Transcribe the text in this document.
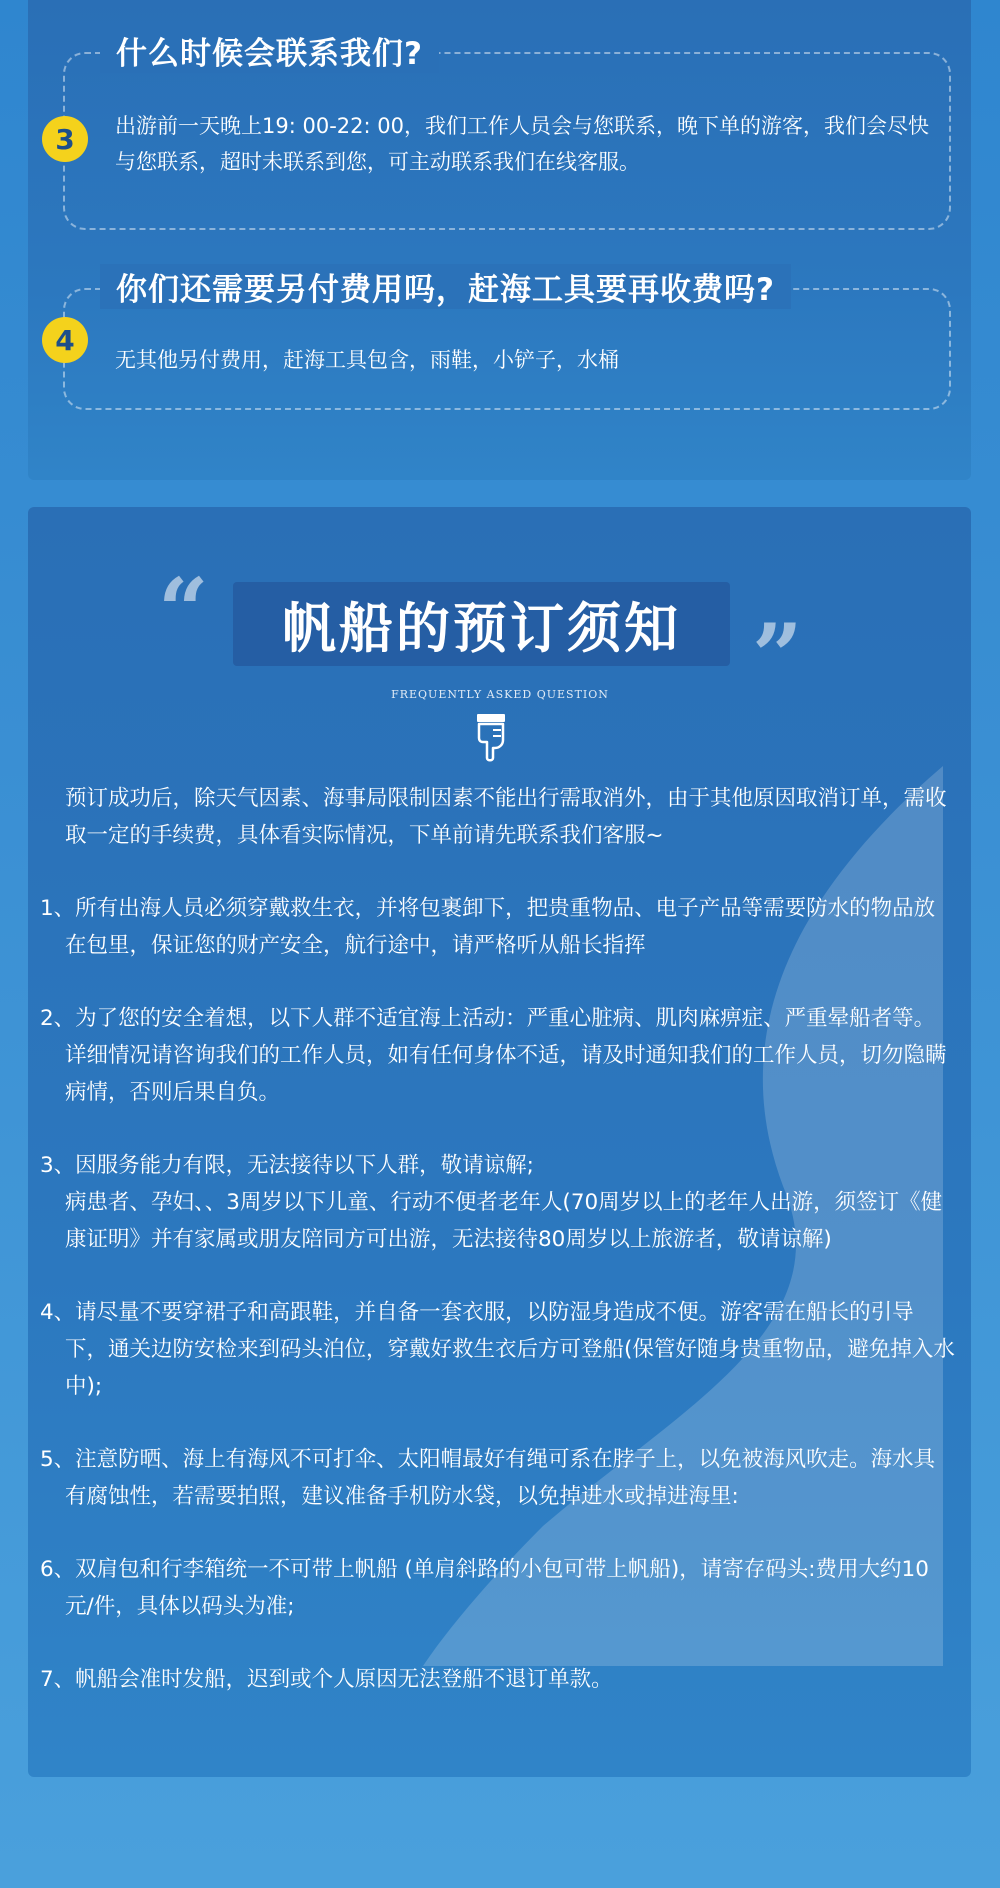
什么时候会联系我们?
3	出游前一天晚上19: 00-22: 00，我们工作人员会与您联系，晚下单的游客，我们会尽快与您联系，超时未联系到您，可主动联系我们在线客服。
你们还需要另付费用吗，赶海工具要再收费吗?
4
无其他另付费用，赶海工具包含，雨鞋，小铲子，水桶
“	帆船的预订须知 ”
FREQUENTLY ASKED QUESTION
预订成功后，除天气因素、海事局限制因素不能出行需取消外，由于其他原因取消订单，需收取一定的手续费，具体看实际情况，下单前请先联系我们客服~
1、所有出海人员必须穿戴救生衣，并将包裹卸下，把贵重物品、电子产品等需要防水的物品放在包里，保证您的财产安全，航行途中，请严格听从船长指挥
2、为了您的安全着想，以下人群不适宜海上活动：严重心脏病、肌肉麻痹症、严重晕船者等。详细情况请咨询我们的工作人员，如有任何身体不适，请及时通知我们的工作人员，切勿隐瞒病情，否则后果自负。
3、因服务能力有限，无法接待以下人群，敬请谅解;
病患者、孕妇、、3周岁以下儿童、行动不便者老年人(70周岁以上的老年人出游，须签订《健康证明》并有家属或朋友陪同方可出游，无法接待80周岁以上旅游者，敬请谅解)
4、请尽量不要穿裙子和高跟鞋，并自备一套衣服，以防湿身造成不便。游客需在船长的引导下，通关边防安检来到码头泊位，穿戴好救生衣后方可登船(保管好随身贵重物品，避免掉入水中);
5、注意防晒、海上有海风不可打伞、太阳帽最好有绳可系在脖子上，以免被海风吹走。海水具有腐蚀性，若需要拍照，建议准备手机防水袋，以免掉进水或掉进海里:
6、双肩包和行李箱统一不可带上帆船 (单肩斜路的小包可带上帆船)，请寄存码头:费用大约10元/件，具体以码头为准;
7、帆船会准时发船，迟到或个人原因无法登船不退订单款。
